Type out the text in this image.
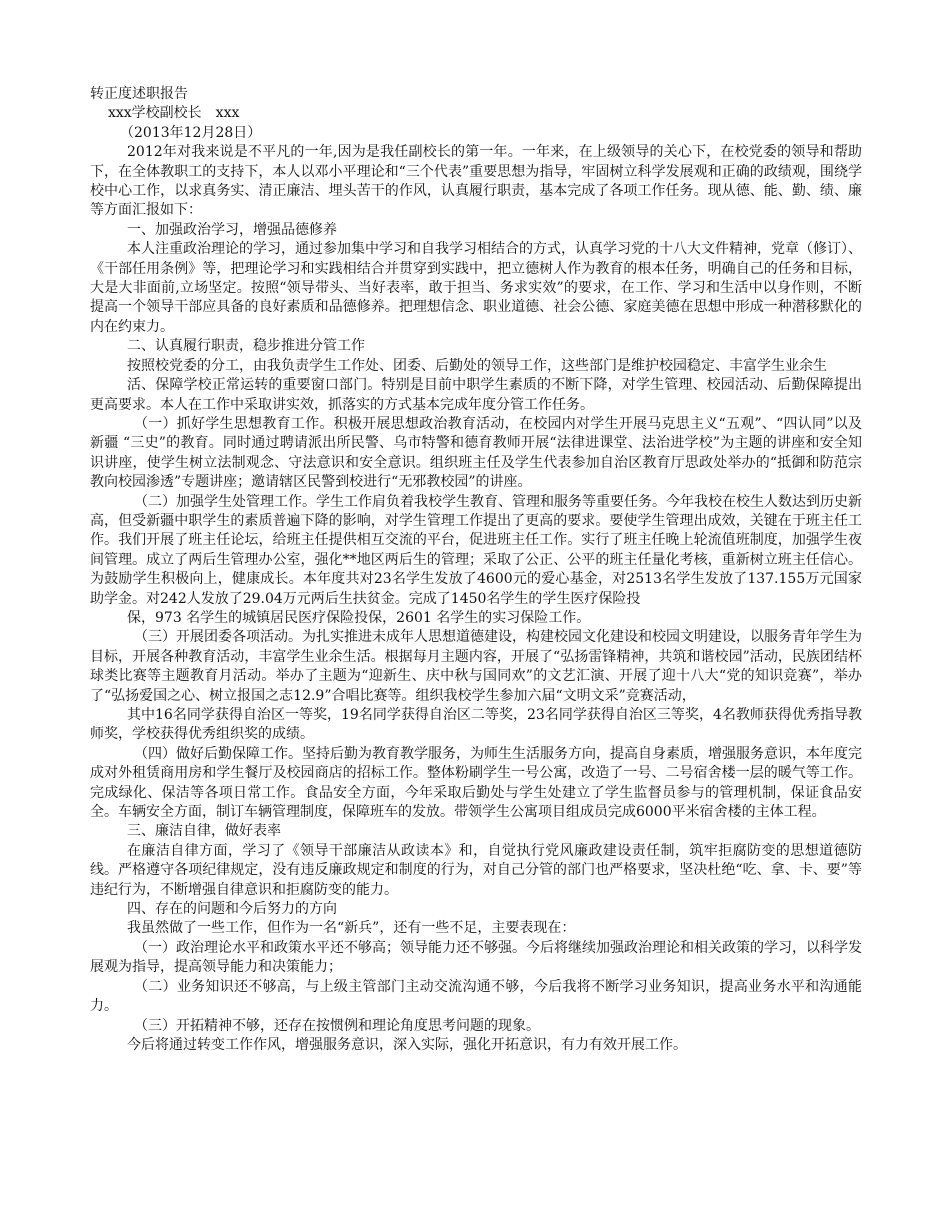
转正度述职报告

xxx学校副校长　xxx

（2013年12月28日）

2012年对我来说是不平凡的一年,因为是我任副校长的第一年。一年来，在上级领导的关心下，在校党委的领导和帮助下，在全体教职工的支持下，本人以邓小平理论和“三个代表”重要思想为指导，牢固树立科学发展观和正确的政绩观，围绕学校中心工作，以求真务实、清正廉洁、埋头苦干的作风，认真履行职责，基本完成了各项工作任务。现从德、能、勤、绩、廉等方面汇报如下：

一、加强政治学习，增强品德修养

本人注重政治理论的学习，通过参加集中学习和自我学习相结合的方式，认真学习党的十八大文件精神，党章（修订）、《干部任用条例》等，把理论学习和实践相结合并贯穿到实践中，把立德树人作为教育的根本任务，明确自己的任务和目标，大是大非面前,立场坚定。按照“领导带头、当好表率，敢于担当、务求实效”的要求，在工作、学习和生活中以身作则，不断提高一个领导干部应具备的良好素质和品德修养。把理想信念、职业道德、社会公德、家庭美德在思想中形成一种潜移默化的内在约束力。

二、认真履行职责，稳步推进分管工作

按照校党委的分工，由我负责学生工作处、团委、后勤处的领导工作，这些部门是维护校园稳定、丰富学生业余生

活、保障学校正常运转的重要窗口部门。特别是目前中职学生素质的不断下降，对学生管理、校园活动、后勤保障提出更高要求。本人在工作中采取讲实效，抓落实的方式基本完成年度分管工作任务。

（一）抓好学生思想教育工作。积极开展思想政治教育活动，在校园内对学生开展马克思主义“五观”、“四认同”以及新疆 “三史”的教育。同时通过聘请派出所民警、乌市特警和德育教师开展“法律进课堂、法治进学校”为主题的讲座和安全知识讲座，使学生树立法制观念、守法意识和安全意识。组织班主任及学生代表参加自治区教育厅思政处举办的“抵御和防范宗教向校园渗透”专题讲座；邀请辖区民警到校进行“无邪教校园”的讲座。

（二）加强学生处管理工作。学生工作肩负着我校学生教育、管理和服务等重要任务。今年我校在校生人数达到历史新高，但受新疆中职学生的素质普遍下降的影响，对学生管理工作提出了更高的要求。要使学生管理出成效，关键在于班主任工作。我们开展了班主任论坛，给班主任提供相互交流的平台，促进班主任工作。实行了班主任晚上轮流值班制度，加强学生夜间管理。成立了两后生管理办公室，强化**地区两后生的管理；采取了公正、公平的班主任量化考核，重新树立班主任信心。为鼓励学生积极向上，健康成长。本年度共对23名学生发放了4600元的爱心基金，对2513名学生发放了137.155万元国家助学金。对242人发放了29.04万元两后生扶贫金。完成了1450名学生的学生医疗保险投

保，973 名学生的城镇居民医疗保险投保，2601 名学生的实习保险工作。

（三）开展团委各项活动。为扎实推进未成年人思想道德建设，构建校园文化建设和校园文明建设，以服务青年学生为目标，开展各种教育活动，丰富学生业余生活。根据每月主题内容，开展了“弘扬雷锋精神，共筑和谐校园”活动，民族团结杯球类比赛等主题教育月活动。举办了主题为“迎新生、庆中秋与国同欢”的文艺汇演、开展了迎十八大“党的知识竞赛”，举办了“弘扬爱国之心、树立报国之志12.9”合唱比赛等。组织我校学生参加六届“文明文采”竞赛活动，

其中16名同学获得自治区一等奖，19名同学获得自治区二等奖，23名同学获得自治区三等奖，4名教师获得优秀指导教师奖，学校获得优秀组织奖的成绩。

（四）做好后勤保障工作。坚持后勤为教育教学服务，为师生生活服务方向，提高自身素质，增强服务意识，本年度完成对外租赁商用房和学生餐厅及校园商店的招标工作。整体粉刷学生一号公寓，改造了一号、二号宿舍楼一层的暖气等工作。完成绿化、保洁等各项日常工作。食品安全方面，今年采取后勤处与学生处建立了学生监督员参与的管理机制，保证食品安全。车辆安全方面，制订车辆管理制度，保障班车的发放。带领学生公寓项目组成员完成6000平米宿舍楼的主体工程。

三、廉洁自律，做好表率

在廉洁自律方面，学习了《领导干部廉洁从政读本》和，自觉执行党风廉政建设责任制，筑牢拒腐防变的思想道德防线。严格遵守各项纪律规定，没有违反廉政规定和制度的行为，对自己分管的部门也严格要求，坚决杜绝“吃、拿、卡、要”等违纪行为，不断增强自律意识和拒腐防变的能力。

四、存在的问题和今后努力的方向

我虽然做了一些工作，但作为一名“新兵”，还有一些不足，主要表现在：

（一）政治理论水平和政策水平还不够高；领导能力还不够强。今后将继续加强政治理论和相关政策的学习，以科学发展观为指导，提高领导能力和决策能力；

（二）业务知识还不够高，与上级主管部门主动交流沟通不够，今后我将不断学习业务知识，提高业务水平和沟通能力。

（三）开拓精神不够，还存在按惯例和理论角度思考问题的现象。

今后将通过转变工作作风，增强服务意识，深入实际，强化开拓意识，有力有效开展工作。
